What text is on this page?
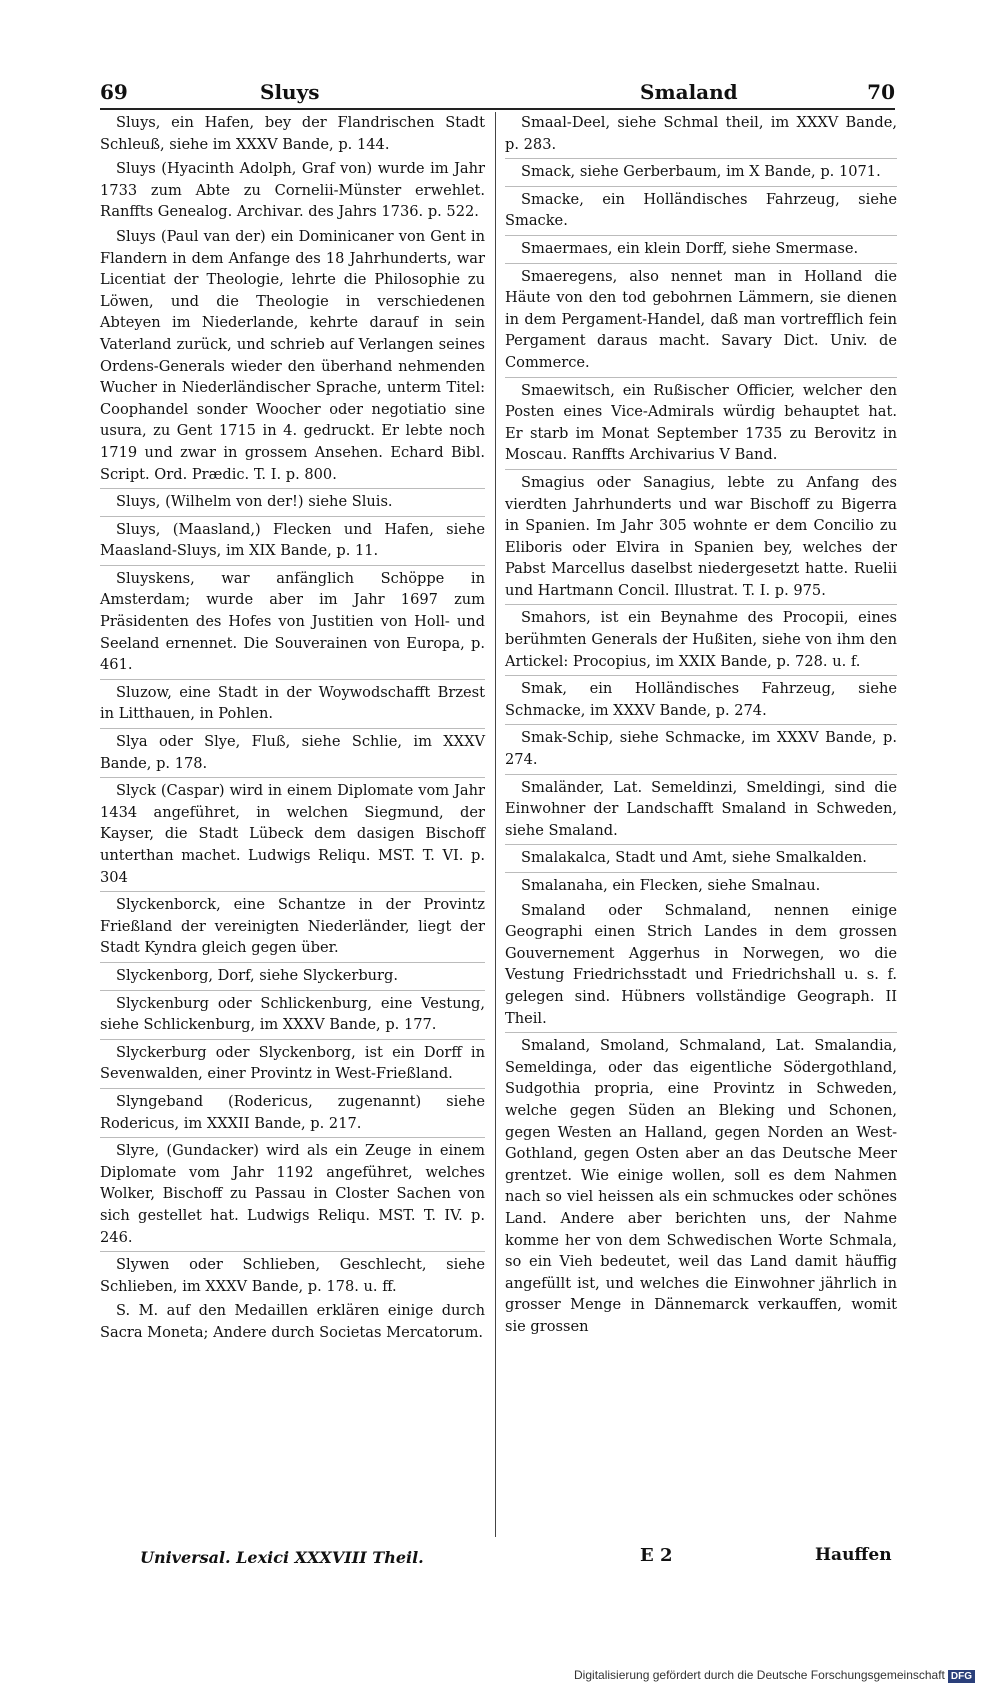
69	Sluys	Smaland	70

Sluys, ein Hafen, bey der Flandrischen Stadt Schleuß, siehe im XXXV Bande, p. 144.

Sluys (Hyacinth Adolph, Graf von) wurde im Jahr 1733 zum Abte zu Cornelii-Münster erwehlet. Ranffts Genealog. Archivar. des Jahrs 1736. p. 522.

Sluys (Paul van der) ein Dominicaner von Gent in Flandern in dem Anfange des 18 Jahrhunderts, war Licentiat der Theologie, lehrte die Philosophie zu Löwen, und die Theologie in verschiedenen Abteyen im Niederlande, kehrte darauf in sein Vaterland zurück, und schrieb auf Verlangen seines Ordens-Generals wieder den überhand nehmenden Wucher in Niederländischer Sprache, unterm Titel: Coophandel sonder Woocher oder negotiatio sine usura, zu Gent 1715 in 4. gedruckt. Er lebte noch 1719 und zwar in grossem Ansehen. Echard Bibl. Script. Ord. Prædic. T. I. p. 800.

Sluys, (Wilhelm von der!) siehe Sluis.

Sluys, (Maasland,) Flecken und Hafen, siehe Maasland-Sluys, im XIX Bande, p. 11.

Sluyskens, war anfänglich Schöppe in Amsterdam; wurde aber im Jahr 1697 zum Präsidenten des Hofes von Justitien von Holl- und Seeland ernennet. Die Souverainen von Europa, p. 461.

Sluzow, eine Stadt in der Woywodschafft Brzest in Litthauen, in Pohlen.

Slya oder Slye, Fluß, siehe Schlie, im XXXV Bande, p. 178.

Slyck (Caspar) wird in einem Diplomate vom Jahr 1434 angeführet, in welchen Siegmund, der Kayser, die Stadt Lübeck dem dasigen Bischoff unterthan machet. Ludwigs Reliqu. MST. T. VI. p. 304

Slyckenborck, eine Schantze in der Provintz Frießland der vereinigten Niederländer, liegt der Stadt Kyndra gleich gegen über.

Slyckenborg, Dorf, siehe Slyckerburg.

Slyckenburg oder Schlickenburg, eine Vestung, siehe Schlickenburg, im XXXV Bande, p. 177.

Slyckerburg oder Slyckenborg, ist ein Dorff in Sevenwalden, einer Provintz in West-Frießland.

Slyngeband (Rodericus, zugenannt) siehe Rodericus, im XXXII Bande, p. 217.

Slyre, (Gundacker) wird als ein Zeuge in einem Diplomate vom Jahr 1192 angeführet, welches Wolker, Bischoff zu Passau in Closter Sachen von sich gestellet hat. Ludwigs Reliqu. MST. T. IV. p. 246.

Slywen oder Schlieben, Geschlecht, siehe Schlieben, im XXXV Bande, p. 178. u. ff.

S. M. auf den Medaillen erklären einige durch Sacra Moneta; Andere durch Societas Mercatorum.

Smaal-Deel, siehe Schmal theil, im XXXV Bande, p. 283.

Smack, siehe Gerberbaum, im X Bande, p. 1071.

Smacke, ein Holländisches Fahrzeug, siehe Smacke.

Smaermaes, ein klein Dorff, siehe Smermase.

Smaeregens, also nennet man in Holland die Häute von den tod gebohrnen Lämmern, sie dienen in dem Pergament-Handel, daß man vortrefflich fein Pergament daraus macht. Savary Dict. Univ. de Commerce.

Smaewitsch, ein Rußischer Officier, welcher den Posten eines Vice-Admirals würdig behauptet hat. Er starb im Monat September 1735 zu Berovitz in Moscau. Ranffts Archivarius V Band.

Smagius oder Sanagius, lebte zu Anfang des vierdten Jahrhunderts und war Bischoff zu Bigerra in Spanien. Im Jahr 305 wohnte er dem Concilio zu Eliboris oder Elvira in Spanien bey, welches der Pabst Marcellus daselbst niedergesetzt hatte. Ruelii und Hartmann Concil. Illustrat. T. I. p. 975.

Smahors, ist ein Beynahme des Procopii, eines berühmten Generals der Hußiten, siehe von ihm den Artickel: Procopius, im XXIX Bande, p. 728. u. f.

Smak, ein Holländisches Fahrzeug, siehe Schmacke, im XXXV Bande, p. 274.

Smak-Schip, siehe Schmacke, im XXXV Bande, p. 274.

Smaländer, Lat. Semeldinzi, Smeldingi, sind die Einwohner der Landschafft Smaland in Schweden, siehe Smaland.

Smalakalca, Stadt und Amt, siehe Smalkalden.

Smalanaha, ein Flecken, siehe Smalnau.

Smaland oder Schmaland, nennen einige Geographi einen Strich Landes in dem grossen Gouvernement Aggerhus in Norwegen, wo die Vestung Friedrichsstadt und Friedrichshall u. s. f. gelegen sind. Hübners vollständige Geograph. II Theil.

Smaland, Smoland, Schmaland, Lat. Smalandia, Semeldinga, oder das eigentliche Södergothland, Sudgothia propria, eine Provintz in Schweden, welche gegen Süden an Bleking und Schonen, gegen Westen an Halland, gegen Norden an West-Gothland, gegen Osten aber an das Deutsche Meer grentzet. Wie einige wollen, soll es dem Nahmen nach so viel heissen als ein schmuckes oder schönes Land. Andere aber berichten uns, der Nahme komme her von dem Schwedischen Worte Schmala, so ein Vieh bedeutet, weil das Land damit häuffig angefüllt ist, und welches die Einwohner jährlich in grosser Menge in Dännemarck verkauffen, womit sie grossen

Universal. Lexici XXXVIII Theil.	E 2	Hauffen
Digitalisierung gefördert durch die Deutsche Forschungsgemeinschaft DFG
